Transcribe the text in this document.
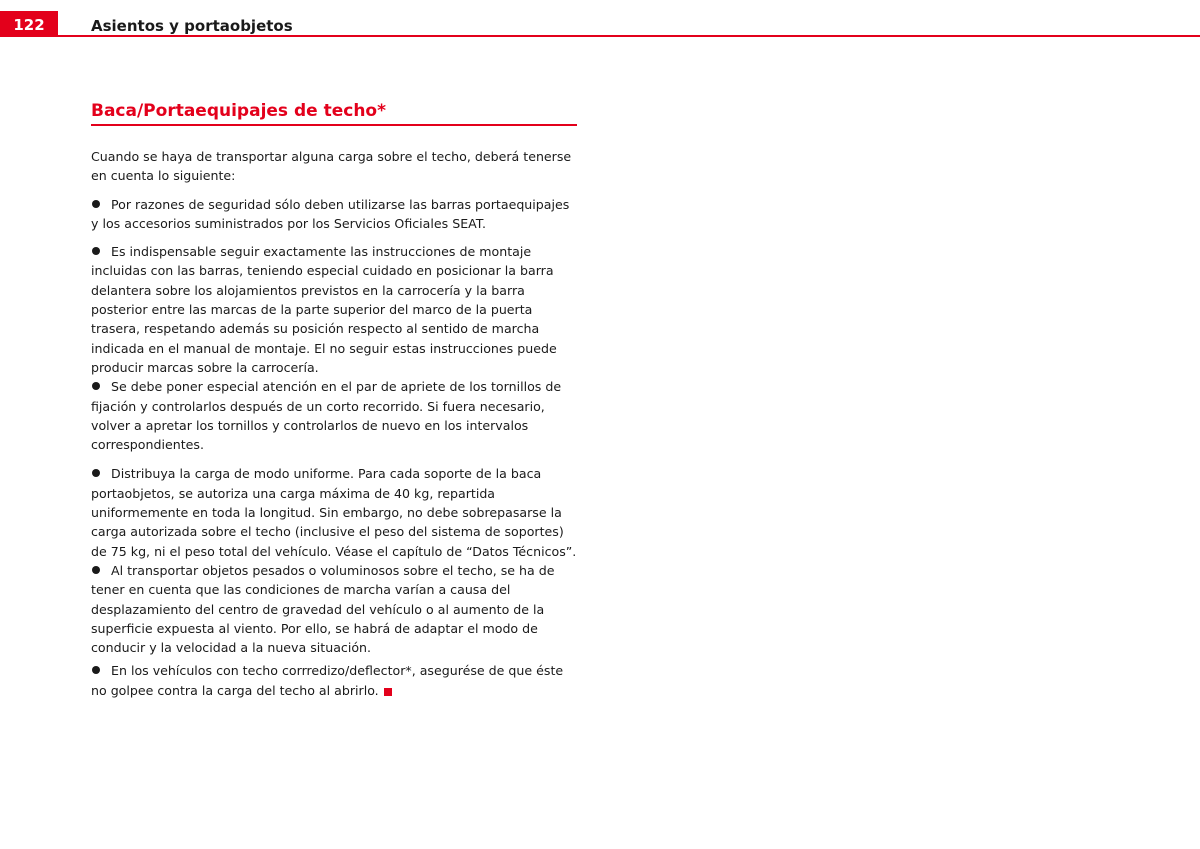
122	Asientos y portaobjetos
Baca/Portaequipajes de techo*

Cuando se haya de transportar alguna carga sobre el techo, deberá tenerse en cuenta lo siguiente:

Por razones de seguridad sólo deben utilizarse las barras portaequipajes y los accesorios suministrados por los Servicios Oficiales SEAT.

Es indispensable seguir exactamente las instrucciones de montaje incluidas con las barras, teniendo especial cuidado en posicionar la barra delantera sobre los alojamientos previstos en la carrocería y la barra posterior entre las marcas de la parte superior del marco de la puerta trasera, respetando además su posición respecto al sentido de marcha indicada en el manual de montaje. El no seguir estas instrucciones puede producir marcas sobre la carrocería.

Se debe poner especial atención en el par de apriete de los tornillos de fijación y controlarlos después de un corto recorrido. Si fuera necesario, volver a apretar los tornillos y controlarlos de nuevo en los intervalos correspondientes.

Distribuya la carga de modo uniforme. Para cada soporte de la baca portaobjetos, se autoriza una carga máxima de 40 kg, repartida uniformemente en toda la longitud. Sin embargo, no debe sobrepasarse la carga autorizada sobre el techo (inclusive el peso del sistema de soportes) de 75 kg, ni el peso total del vehículo. Véase el capítulo de “Datos Técnicos”.

Al transportar objetos pesados o voluminosos sobre el techo, se ha de tener en cuenta que las condiciones de marcha varían a causa del desplazamiento del centro de gravedad del vehículo o al aumento de la superficie expuesta al viento. Por ello, se habrá de adaptar el modo de conducir y la velocidad a la nueva situación.

En los vehículos con techo corrredizo/deflector*, asegurése de que éste no golpee contra la carga del techo al abrirlo.
